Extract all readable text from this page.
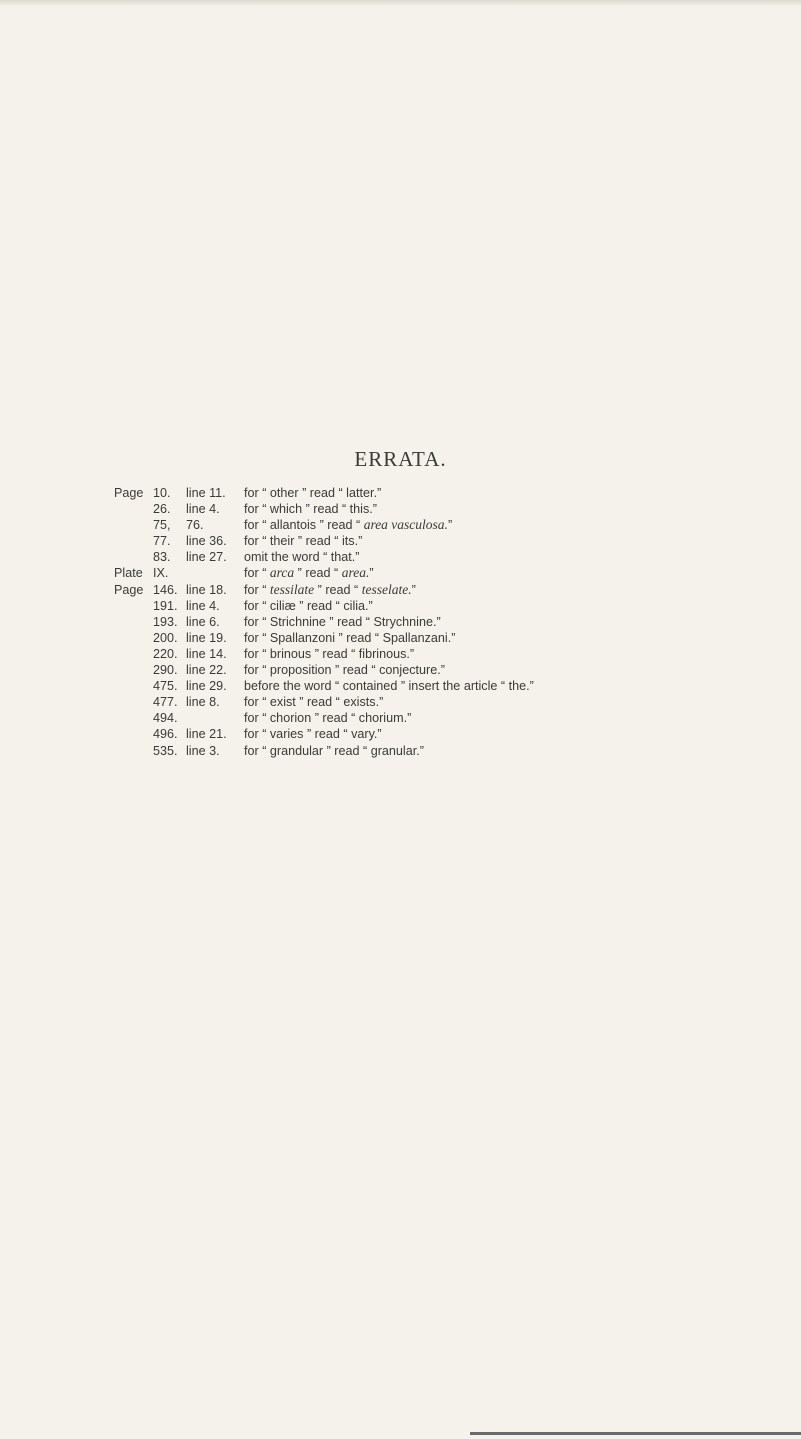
ERRATA.
Page 10.	line 11.	for “ other ” read “ latter.”
26.	line 4.	for “ which ” read “ this.”
75,	76.	for “ allantois ” read “ area vasculosa.”
77.	line 36.	for “ their ” read “ its.”
83.	line 27.	omit the word “ that.”
Plate IX.	for “ arca ” read “ area.”
Page 146. line 18.	for “ tessilate ” read “ tesselate.”
191. line 4.	for “ ciliæ ” read “ cilia.”
193. line 6.	for “ Strichnine ” read “ Strychnine.”
200. line 19.	for “ Spallanzoni ” read “ Spallanzani.”
220. line 14.	for “ brinous ” read “ fibrinous.”
290. line 22.	for “ proposition ” read “ conjecture.”
475. line 29.	before the word “ contained ” insert the article “ the.”
477. line 8.	for “ exist ” read “ exists.”
494.	for “ chorion ” read “ chorium.”
496. line 21.	for “ varies ” read “ vary.”
535. line 3.	for “ grandular ” read “ granular.”
